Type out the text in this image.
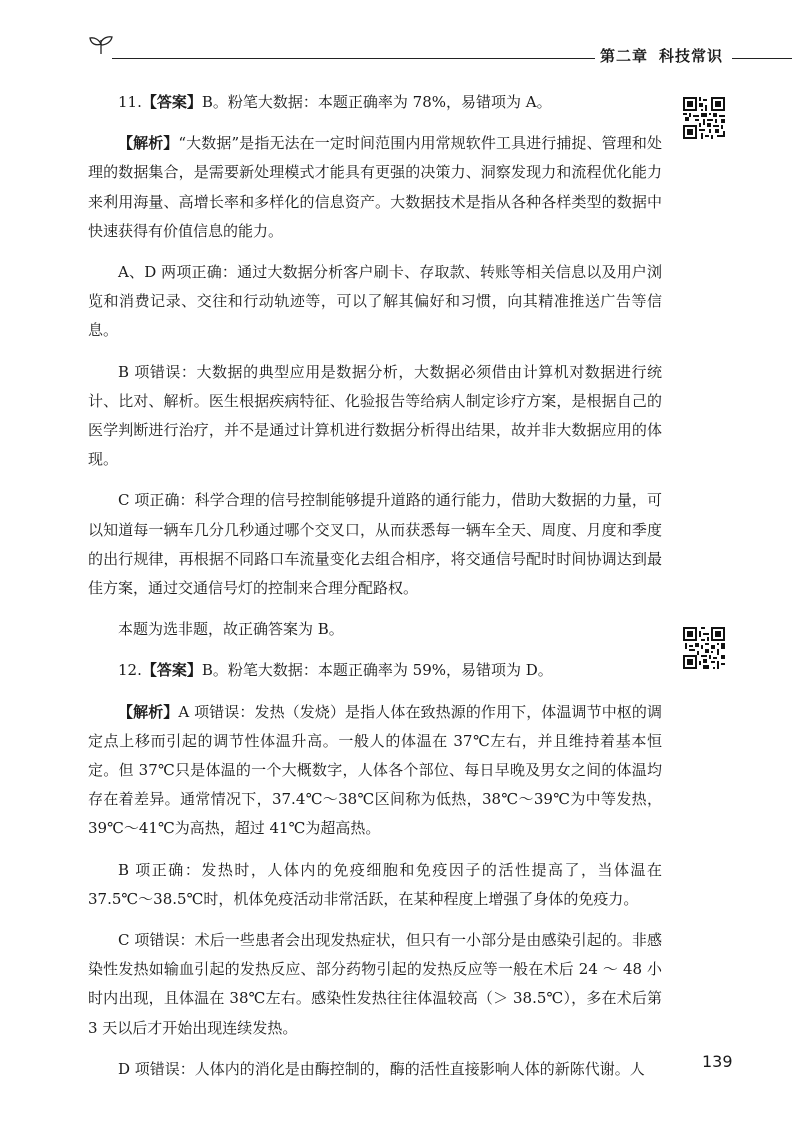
第二章 科技常识

11.【答案】B。粉笔大数据：本题正确率为 78%，易错项为 A。

【解析】“大数据”是指无法在一定时间范围内用常规软件工具进行捕捉、管理和处理的数据集合，是需要新处理模式才能具有更强的决策力、洞察发现力和流程优化能力来利用海量、高增长率和多样化的信息资产。大数据技术是指从各种各样类型的数据中快速获得有价值信息的能力。

A、D 两项正确：通过大数据分析客户刷卡、存取款、转账等相关信息以及用户浏览和消费记录、交往和行动轨迹等，可以了解其偏好和习惯，向其精准推送广告等信息。

B 项错误：大数据的典型应用是数据分析，大数据必须借由计算机对数据进行统计、比对、解析。医生根据疾病特征、化验报告等给病人制定诊疗方案，是根据自己的医学判断进行治疗，并不是通过计算机进行数据分析得出结果，故并非大数据应用的体现。

C 项正确：科学合理的信号控制能够提升道路的通行能力，借助大数据的力量，可以知道每一辆车几分几秒通过哪个交叉口，从而获悉每一辆车全天、周度、月度和季度的出行规律，再根据不同路口车流量变化去组合相序，将交通信号配时时间协调达到最佳方案，通过交通信号灯的控制来合理分配路权。

本题为选非题，故正确答案为 B。

12.【答案】B。粉笔大数据：本题正确率为 59%，易错项为 D。

【解析】A 项错误：发热（发烧）是指人体在致热源的作用下，体温调节中枢的调定点上移而引起的调节性体温升高。一般人的体温在 37℃左右，并且维持着基本恒定。但 37℃只是体温的一个大概数字，人体各个部位、每日早晚及男女之间的体温均存在着差异。通常情况下，37.4℃～38℃区间称为低热，38℃～39℃为中等发热，39℃～41℃为高热，超过 41℃为超高热。

B 项正确：发热时，人体内的免疫细胞和免疫因子的活性提高了，当体温在 37.5℃～38.5℃时，机体免疫活动非常活跃，在某种程度上增强了身体的免疫力。

C 项错误：术后一些患者会出现发热症状，但只有一小部分是由感染引起的。非感染性发热如输血引起的发热反应、部分药物引起的发热反应等一般在术后 24 ～ 48 小时内出现，且体温在 38℃左右。感染性发热往往体温较高（＞ 38.5℃），多在术后第 3 天以后才开始出现连续发热。

D 项错误：人体内的消化是由酶控制的，酶的活性直接影响人体的新陈代谢。人	139
